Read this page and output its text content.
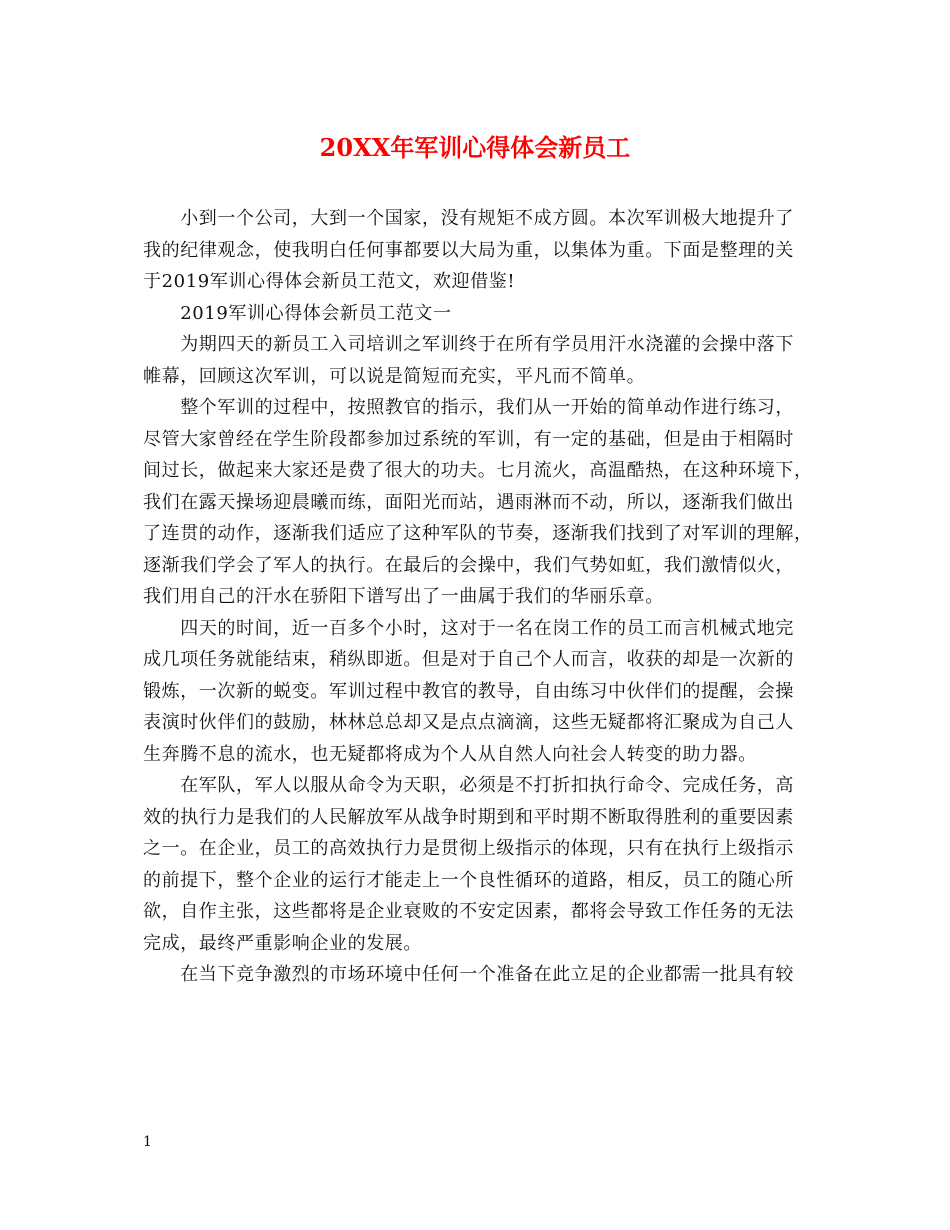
20XX年军训心得体会新员工
　　小到一个公司，大到一个国家，没有规矩不成方圆。本次军训极大地提升了
我的纪律观念，使我明白任何事都要以大局为重，以集体为重。下面是整理的关
于2019军训心得体会新员工范文，欢迎借鉴!
　　2019军训心得体会新员工范文一
　　为期四天的新员工入司培训之军训终于在所有学员用汗水浇灌的会操中落下
帷幕，回顾这次军训，可以说是简短而充实，平凡而不简单。
　　整个军训的过程中，按照教官的指示，我们从一开始的简单动作进行练习，
尽管大家曾经在学生阶段都参加过系统的军训，有一定的基础，但是由于相隔时
间过长，做起来大家还是费了很大的功夫。七月流火，高温酷热，在这种环境下，
我们在露天操场迎晨曦而练，面阳光而站，遇雨淋而不动，所以，逐渐我们做出
了连贯的动作，逐渐我们适应了这种军队的节奏，逐渐我们找到了对军训的理解，
逐渐我们学会了军人的执行。在最后的会操中，我们气势如虹，我们激情似火，
我们用自己的汗水在骄阳下谱写出了一曲属于我们的华丽乐章。
　　四天的时间，近一百多个小时，这对于一名在岗工作的员工而言机械式地完
成几项任务就能结束，稍纵即逝。但是对于自己个人而言，收获的却是一次新的
锻炼，一次新的蜕变。军训过程中教官的教导，自由练习中伙伴们的提醒，会操
表演时伙伴们的鼓励，林林总总却又是点点滴滴，这些无疑都将汇聚成为自己人
生奔腾不息的流水，也无疑都将成为个人从自然人向社会人转变的助力器。
　　在军队，军人以服从命令为天职，必须是不打折扣执行命令、完成任务，高
效的执行力是我们的人民解放军从战争时期到和平时期不断取得胜利的重要因素
之一。在企业，员工的高效执行力是贯彻上级指示的体现，只有在执行上级指示
的前提下，整个企业的运行才能走上一个良性循环的道路，相反，员工的随心所
欲，自作主张，这些都将是企业衰败的不安定因素，都将会导致工作任务的无法
完成，最终严重影响企业的发展。
　　在当下竞争激烈的市场环境中任何一个准备在此立足的企业都需一批具有较
1
